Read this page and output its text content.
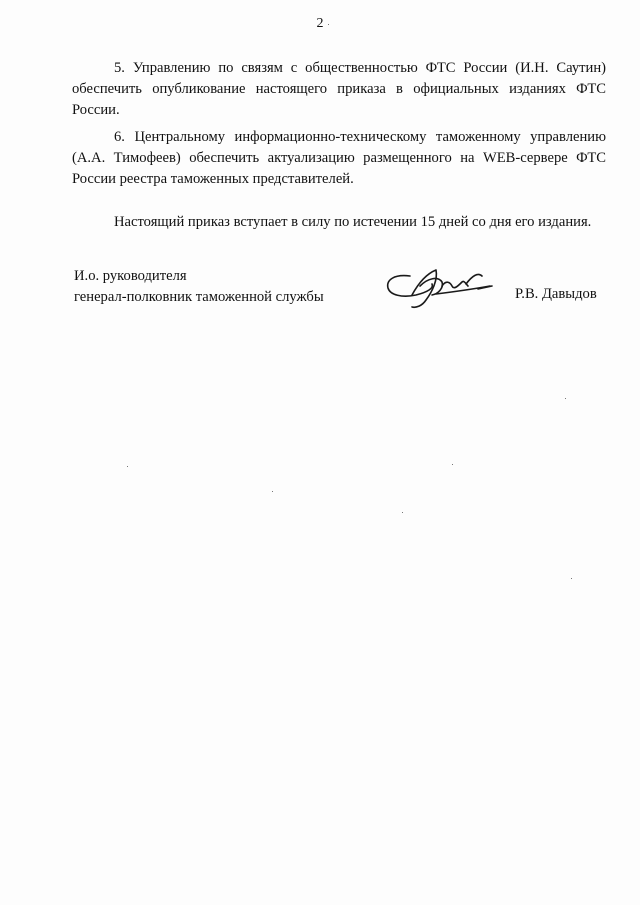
2

5. Управлению по связям с общественностью ФТС России (И.Н. Саутин) обеспечить опубликование настоящего приказа в официальных изданиях ФТС России.

6. Центральному информационно-техническому таможенному управлению (А.А. Тимофеев) обеспечить актуализацию размещенного на WEB-сервере ФТС России реестра таможенных представителей.

Настоящий приказ вступает в силу по истечении 15 дней со дня его издания.

И.о. руководителя
генерал-полковник таможенной службы	Р.В. Давыдов
